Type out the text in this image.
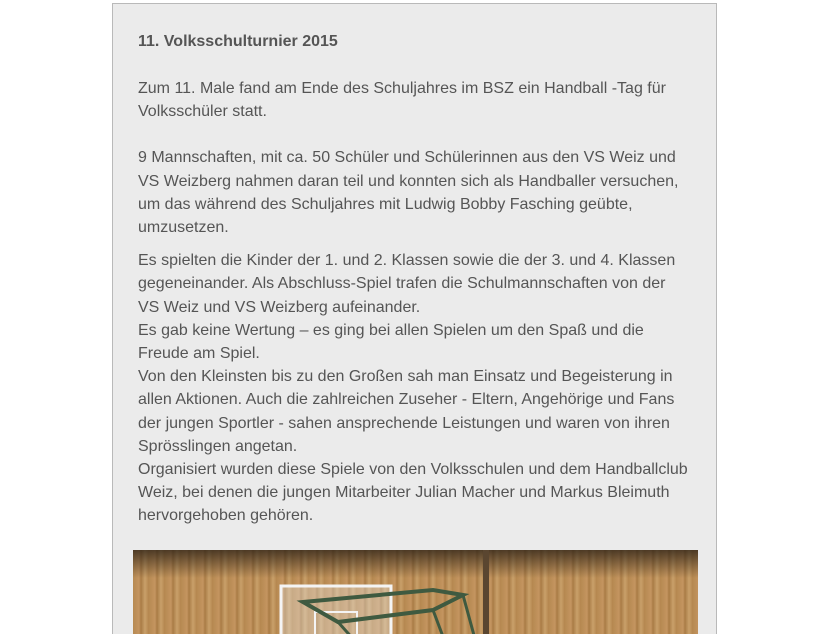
11. Volksschulturnier 2015

Zum 11. Male fand am Ende des Schuljahres im BSZ ein Handball -Tag für
Volksschüler statt.

9 Mannschaften, mit ca. 50 Schüler und Schülerinnen aus den VS Weiz und
VS Weizberg nahmen daran teil und konnten sich als Handballer versuchen,
um das während des Schuljahres mit Ludwig Bobby Fasching geübte,
umzusetzen.

Es spielten die Kinder der 1. und 2. Klassen sowie die der 3. und 4. Klassen
gegeneinander. Als Abschluss-Spiel trafen die Schulmannschaften von der
VS Weiz und VS Weizberg aufeinander.
Es gab keine Wertung – es ging bei allen Spielen um den Spaß und die
Freude am Spiel.
Von den Kleinsten bis zu den Großen sah man Einsatz und Begeisterung in
allen Aktionen. Auch die zahlreichen Zuseher - Eltern, Angehörige und Fans
der jungen Sportler - sahen ansprechende Leistungen und waren von ihren
Sprösslingen angetan.
Organisiert wurden diese Spiele von den Volksschulen und dem Handballclub
Weiz, bei denen die jungen Mitarbeiter Julian Macher und Markus Bleimuth
hervorgehoben gehören.
